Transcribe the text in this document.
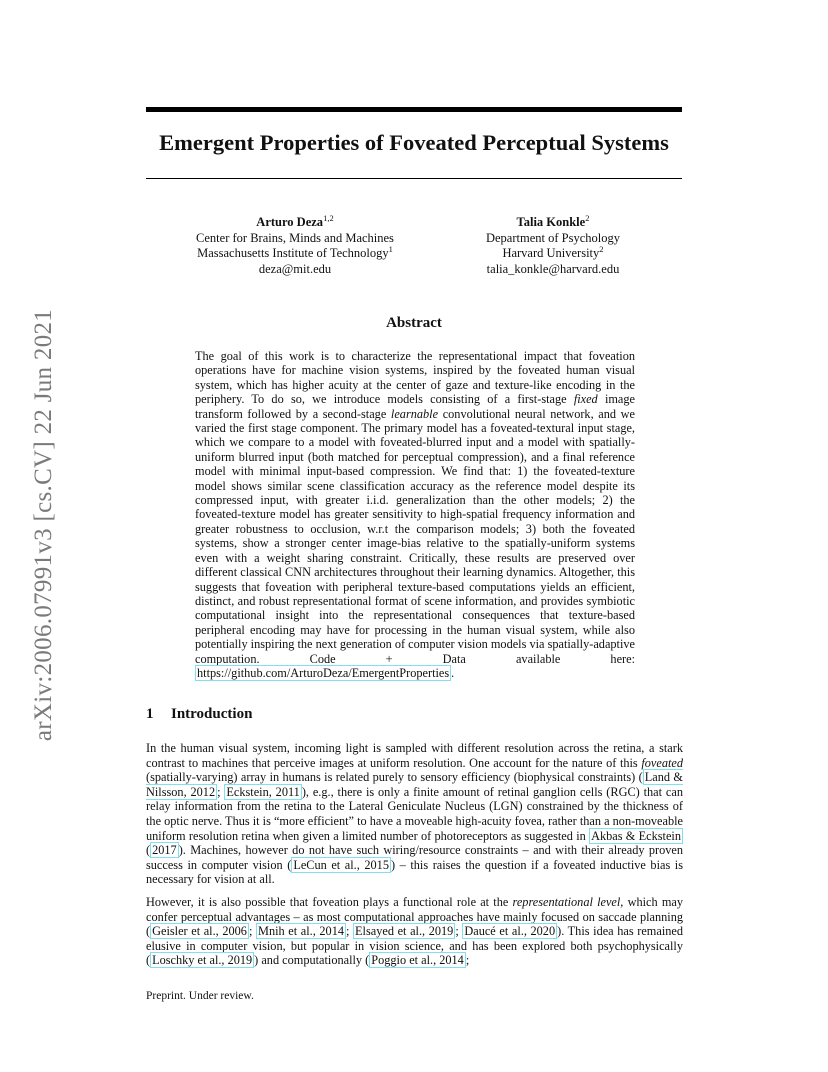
arXiv:2006.07991v3 [cs.CV] 22 Jun 2021
Emergent Properties of Foveated Perceptual Systems
Arturo Deza$^{1,2}$
Center for Brains, Minds and Machines
Massachusetts Institute of Technology$^1$
deza@mit.edu
Talia Konkle$^2$
Department of Psychology
Harvard University$^2$
talia_konkle@harvard.edu
Abstract

The goal of this work is to characterize the representational impact that foveation operations have for machine vision systems, inspired by the foveated human visual system, which has higher acuity at the center of gaze and texture-like encoding in the periphery. To do so, we introduce models consisting of a first-stage fixed image transform followed by a second-stage learnable convolutional neural network, and we varied the first stage component. The primary model has a foveated-textural input stage, which we compare to a model with foveated-blurred input and a model with spatially-uniform blurred input (both matched for perceptual compression), and a final reference model with minimal input-based compression. We find that: 1) the foveated-texture model shows similar scene classification accuracy as the reference model despite its compressed input, with greater i.i.d. generalization than the other models; 2) the foveated-texture model has greater sensitivity to high-spatial frequency information and greater robustness to occlusion, w.r.t the comparison models; 3) both the foveated systems, show a stronger center image-bias relative to the spatially-uniform systems even with a weight sharing constraint. Critically, these results are preserved over different classical CNN architectures throughout their learning dynamics. Altogether, this suggests that foveation with peripheral texture-based computations yields an efficient, distinct, and robust representational format of scene information, and provides symbiotic computational insight into the representational consequences that texture-based peripheral encoding may have for processing in the human visual system, while also potentially inspiring the next generation of computer vision models via spatially-adaptive computation. Code + Data available here: https://github.com/ArturoDeza/EmergentProperties .

1 Introduction

In the human visual system, incoming light is sampled with different resolution across the retina, a stark contrast to machines that perceive images at uniform resolution. One account for the nature of this foveated (spatially-varying) array in humans is related purely to sensory efficiency (biophysical constraints) ( Land & Nilsson, 2012 ; Eckstein, 2011 ), e.g., there is only a finite amount of retinal ganglion cells (RGC) that can relay information from the retina to the Lateral Geniculate Nucleus (LGN) constrained by the thickness of the optic nerve. Thus it is “more efficient” to have a moveable high-acuity fovea, rather than a non-moveable uniform resolution retina when given a limited number of photoreceptors as suggested in Akbas & Eckstein ( 2017 ). Machines, however do not have such wiring/resource constraints – and with their already proven success in computer vision ( LeCun et al., 2015 ) – this raises the question if a foveated inductive bias is necessary for vision at all.

However, it is also possible that foveation plays a functional role at the representational level, which may confer perceptual advantages – as most computational approaches have mainly focused on saccade planning ( Geisler et al., 2006 ; Mnih et al., 2014 ; Elsayed et al., 2019 ; Daucé et al., 2020 ). This idea has remained elusive in computer vision, but popular in vision science, and has been explored both psychophysically ( Loschky et al., 2019 ) and computationally ( Poggio et al., 2014 ;

Preprint. Under review.
